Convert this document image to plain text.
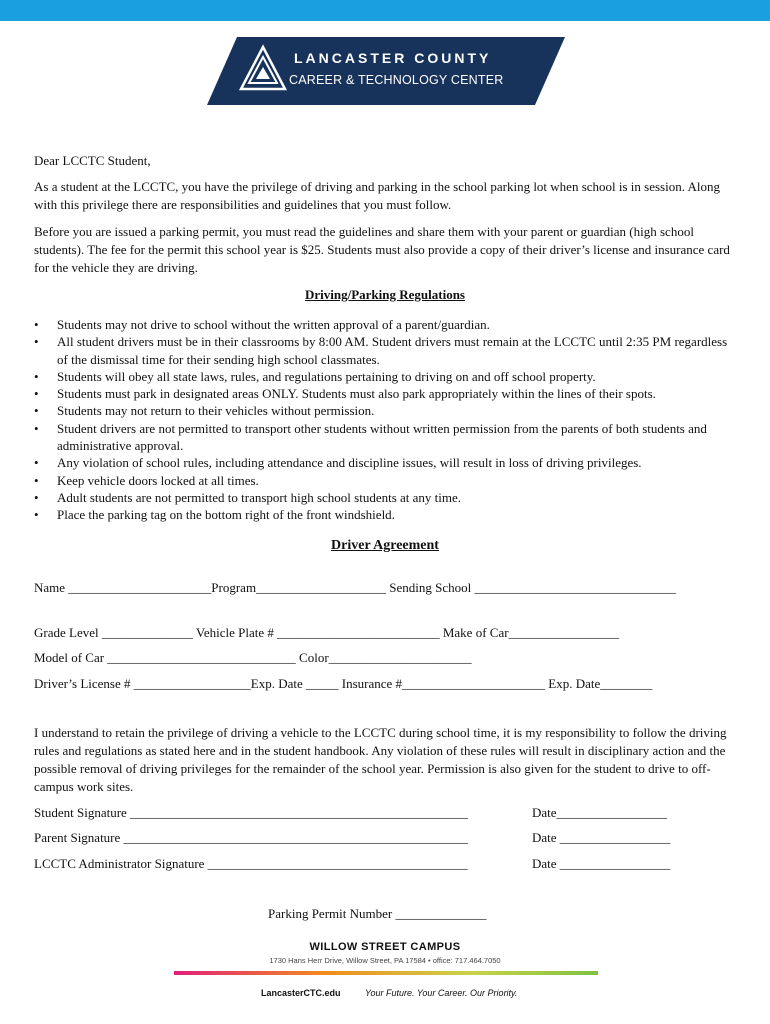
LANCASTER COUNTY
CAREER & TECHNOLOGY CENTER
Dear LCCTC Student,
As a student at the LCCTC, you have the privilege of driving and parking in the school parking lot when school is in session. Along with this privilege there are responsibilities and guidelines that you must follow.
Before you are issued a parking permit, you must read the guidelines and share them with your parent or guardian (high school students). The fee for the permit this school year is $25. Students must also provide a copy of their driver’s license and insurance card for the vehicle they are driving.
Driving/Parking Regulations
• Students may not drive to school without the written approval of a parent/guardian.
• All student drivers must be in their classrooms by 8:00 AM. Student drivers must remain at the LCCTC until 2:35 PM regardless of the dismissal time for their sending high school classmates.
• Students will obey all state laws, rules, and regulations pertaining to driving on and off school property.
• Students must park in designated areas ONLY. Students must also park appropriately within the lines of their spots.
• Students may not return to their vehicles without permission.
• Student drivers are not permitted to transport other students without written permission from the parents of both students and administrative approval.
• Any violation of school rules, including attendance and discipline issues, will result in loss of driving privileges.
• Keep vehicle doors locked at all times.
• Adult students are not permitted to transport high school students at any time.
• Place the parking tag on the bottom right of the front windshield.
Driver Agreement
Name ______________________Program____________________ Sending School _______________________________
Grade Level ______________ Vehicle Plate # _________________________ Make of Car_________________
Model of Car _____________________________ Color______________________
Driver’s License # __________________Exp. Date _____ Insurance #______________________ Exp. Date________
I understand to retain the privilege of driving a vehicle to the LCCTC during school time, it is my responsibility to follow the driving rules and regulations as stated here and in the student handbook. Any violation of these rules will result in disciplinary action and the possible removal of driving privileges for the remainder of the school year. Permission is also given for the student to drive to off-campus work sites.
Student Signature ____________________________________________________	Date_________________
Parent Signature _____________________________________________________	Date _________________
LCCTC Administrator Signature ________________________________________	Date _________________
Parking Permit Number ______________
WILLOW STREET CAMPUS
1730 Hans Herr Drive, Willow Street, PA 17584 • office: 717.464.7050
LancasterCTC.edu	Your Future. Your Career. Our Priority.
